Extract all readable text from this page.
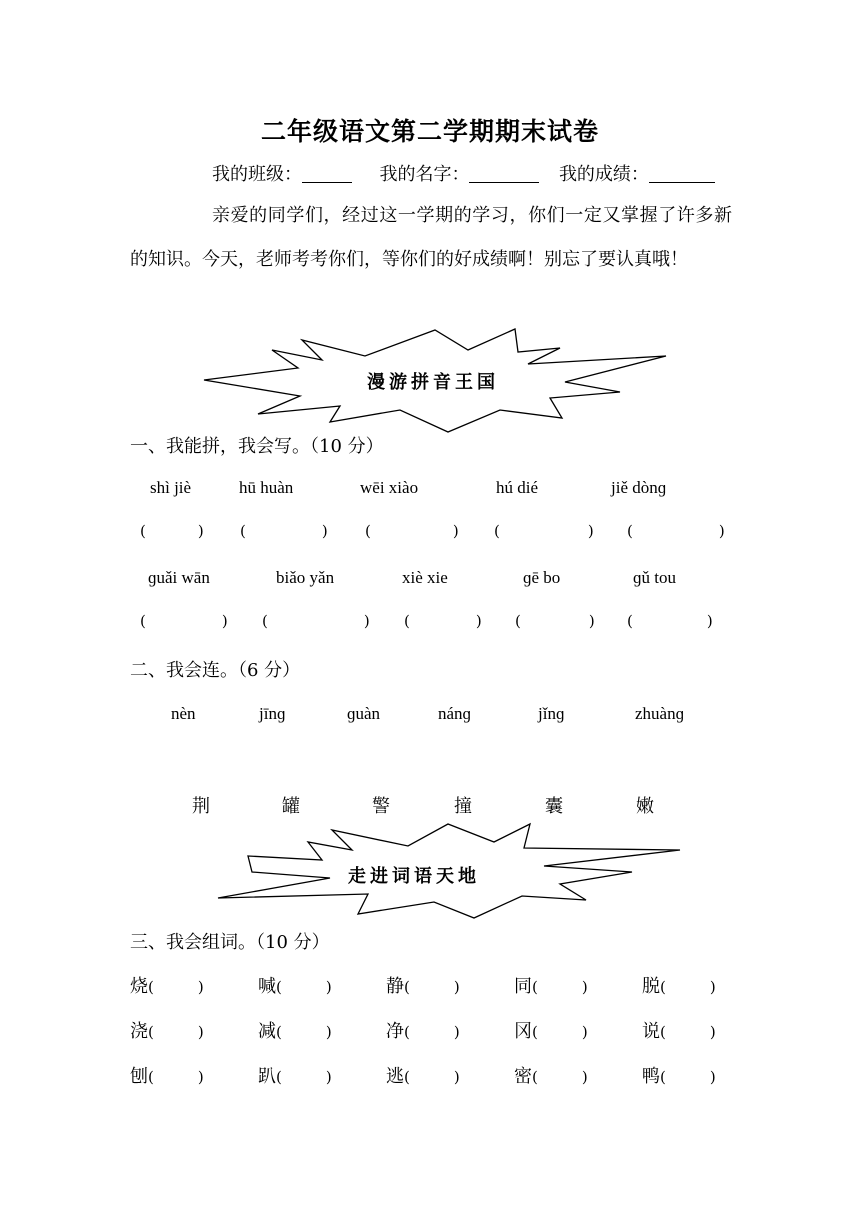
二年级语文第二学期期末试卷
我的班级：	我的名字：	我的成绩：
亲爱的同学们，经过这一学期的学习，你们一定又掌握了许多新的知识。今天，老师考考你们，等你们的好成绩啊！别忘了要认真哦！
漫游拼音王国
一、我能拼，我会写。（10 分）
shì jiè	hū huàn	wēi xiào	hú dié	jiě dònɡ
(	) (	) (	) (	) (	)
ɡuǎi wān	biǎo yǎn	xiè xie	ɡē bo	ɡǔ tou
(	) (	) (	) (	) (	)
二、我会连。（6 分）
nèn	jīnɡ	ɡuàn	nánɡ	jǐnɡ	zhuànɡ
荆	罐	警	撞	囊	嫩
走进词语天地
三、我会组词。（10 分）
烧(	)	喊(	)	静(	)	同(	)	脱(	)
浇(	)	减(	)	净(	)	冈(	)	说(	)
刨(	)	趴(	)	逃(	)	密(	)	鸭(	)
